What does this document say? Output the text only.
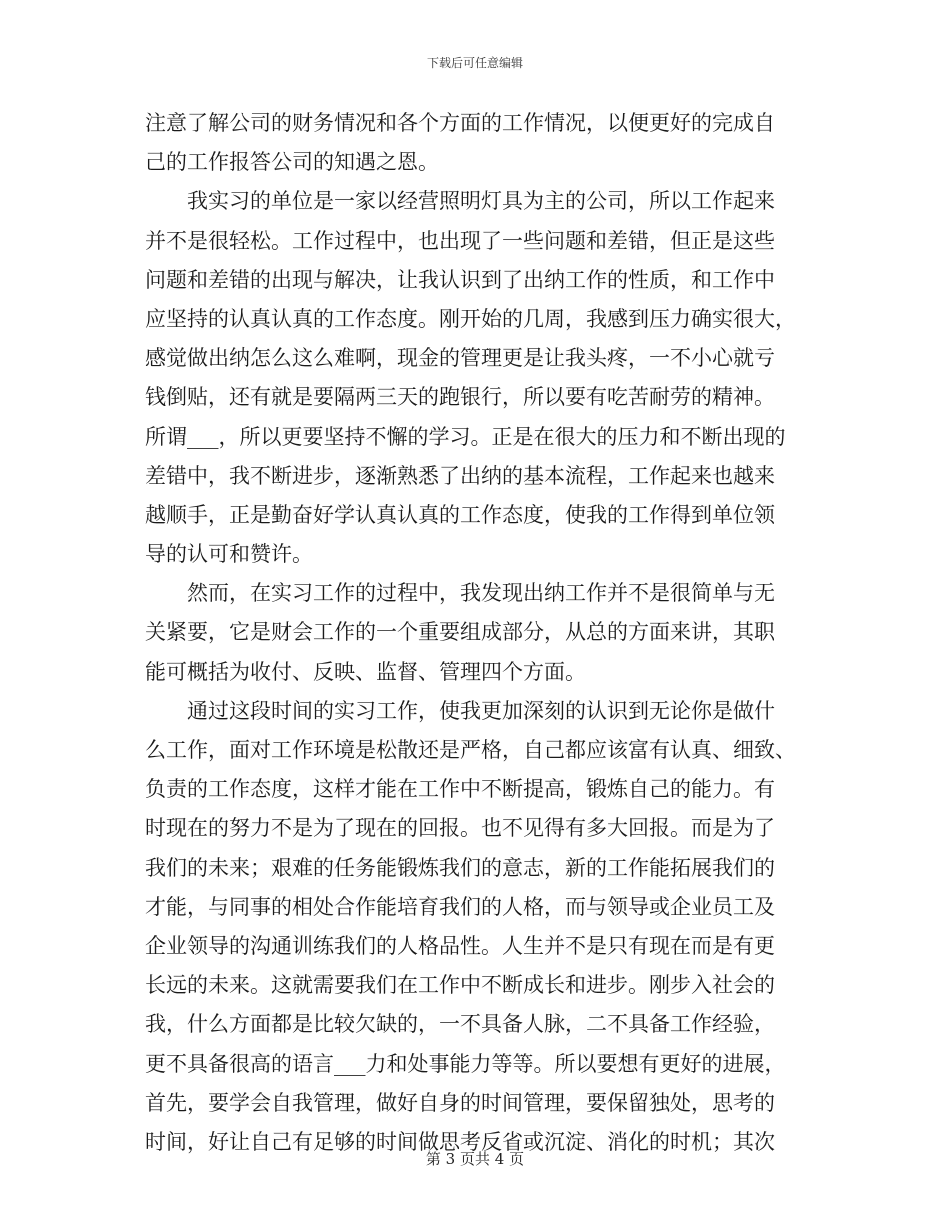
下载后可任意编辑
注意了解公司的财务情况和各个方面的工作情况，以便更好的完成自
己的工作报答公司的知遇之恩。
我实习的单位是一家以经营照明灯具为主的公司，所以工作起来
并不是很轻松。工作过程中，也出现了一些问题和差错，但正是这些
问题和差错的出现与解决，让我认识到了出纳工作的性质，和工作中
应坚持的认真认真的工作态度。刚开始的几周，我感到压力确实很大，
感觉做出纳怎么这么难啊，现金的管理更是让我头疼，一不小心就亏
钱倒贴，还有就是要隔两三天的跑银行，所以要有吃苦耐劳的精神。
所谓___，所以更要坚持不懈的学习。正是在很大的压力和不断出现的
差错中，我不断进步，逐渐熟悉了出纳的基本流程，工作起来也越来
越顺手，正是勤奋好学认真认真的工作态度，使我的工作得到单位领
导的认可和赞许。
然而，在实习工作的过程中，我发现出纳工作并不是很简单与无
关紧要，它是财会工作的一个重要组成部分，从总的方面来讲，其职
能可概括为收付、反映、监督、管理四个方面。
通过这段时间的实习工作，使我更加深刻的认识到无论你是做什
么工作，面对工作环境是松散还是严格，自己都应该富有认真、细致、
负责的工作态度，这样才能在工作中不断提高，锻炼自己的能力。有
时现在的努力不是为了现在的回报。也不见得有多大回报。而是为了
我们的未来；艰难的任务能锻炼我们的意志，新的工作能拓展我们的
才能，与同事的相处合作能培育我们的人格，而与领导或企业员工及
企业领导的沟通训练我们的人格品性。人生并不是只有现在而是有更
长远的未来。这就需要我们在工作中不断成长和进步。刚步入社会的
我，什么方面都是比较欠缺的，一不具备人脉，二不具备工作经验，
更不具备很高的语言___力和处事能力等等。所以要想有更好的进展，
首先，要学会自我管理，做好自身的时间管理，要保留独处，思考的
时间，好让自己有足够的时间做思考反省或沉淀、消化的时机；其次
第 3 页共 4 页
